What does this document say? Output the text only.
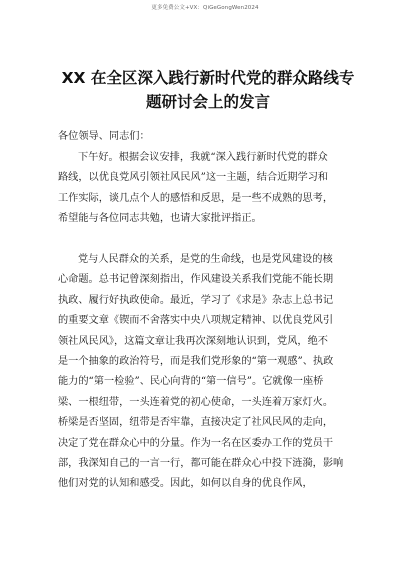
更多免费公文+VX：QiGeGongWen2024
XX 在全区深入践行新时代党的群众路线专
题研讨会上的发言
各位领导、同志们：
下午好。根据会议安排，我就“深入践行新时代党的群众
路线，以优良党风引领社风民风”这一主题，结合近期学习和
工作实际，谈几点个人的感悟和反思，是一些不成熟的思考，
希望能与各位同志共勉，也请大家批评指正。
党与人民群众的关系，是党的生命线，也是党风建设的核
心命题。总书记曾深刻指出，作风建设关系我们党能不能长期
执政、履行好执政使命。最近，学习了《求是》杂志上总书记
的重要文章《锲而不舍落实中央八项规定精神、以优良党风引
领社风民风》，这篇文章让我再次深刻地认识到，党风，绝不
是一个抽象的政治符号，而是我们党形象的“第一观感”、执政
能力的“第一检验”、民心向背的“第一信号”。它就像一座桥
梁、一根纽带，一头连着党的初心使命，一头连着万家灯火。
桥梁是否坚固，纽带是否牢靠，直接决定了社风民风的走向，
决定了党在群众心中的分量。作为一名在区委办工作的党员干
部，我深知自己的一言一行，都可能在群众心中投下涟漪，影响
他们对党的认知和感受。因此，如何以自身的优良作风，
